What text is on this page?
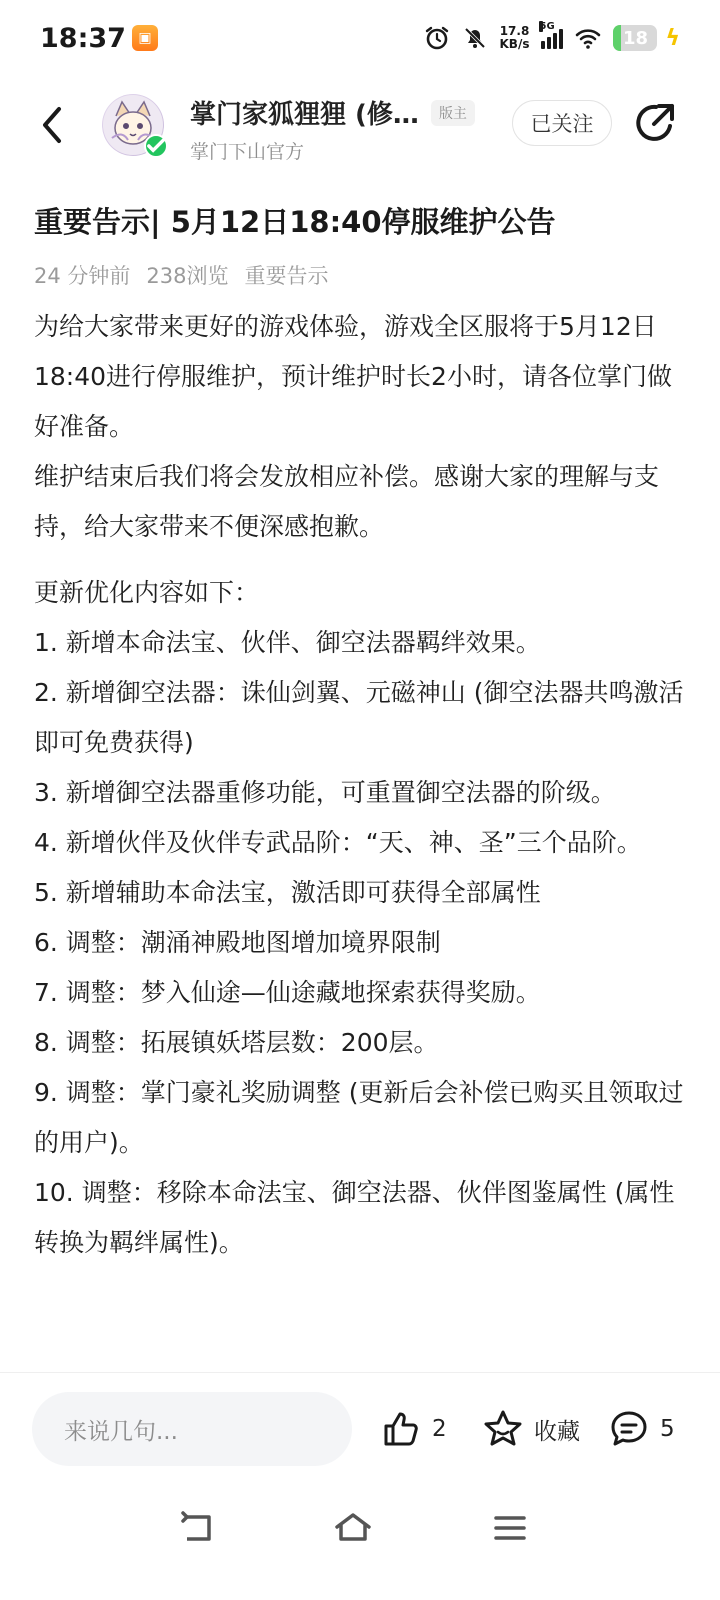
18:37 ▣	17.8
KB/s
5G
18 ϟ
掌门家狐狸狸 (修…	版主
掌门下山官方
已关注
重要告示| 5月12日18:40停服维护公告
24 分钟前 238浏览 重要告示

为给大家带来更好的游戏体验，游戏全区服将于5月12日18:40进行停服维护，预计维护时长2小时，请各位掌门做好准备。

维护结束后我们将会发放相应补偿。感谢大家的理解与支持，给大家带来不便深感抱歉。

更新优化内容如下：

1. 新增本命法宝、伙伴、御空法器羁绊效果。

2. 新增御空法器：诛仙剑翼、元磁神山 (御空法器共鸣激活即可免费获得)

3. 新增御空法器重修功能，可重置御空法器的阶级。

4. 新增伙伴及伙伴专武品阶：“天、神、圣”三个品阶。

5. 新增辅助本命法宝，激活即可获得全部属性

6. 调整：潮涌神殿地图增加境界限制

7. 调整：梦入仙途—仙途藏地探索获得奖励。

8. 调整：拓展镇妖塔层数：200层。

9. 调整：掌门豪礼奖励调整 (更新后会补偿已购买且领取过的用户)。

10. 调整：移除本命法宝、御空法器、伙伴图鉴属性 (属性转换为羁绊属性)。

来说几句...	2	收藏	5
